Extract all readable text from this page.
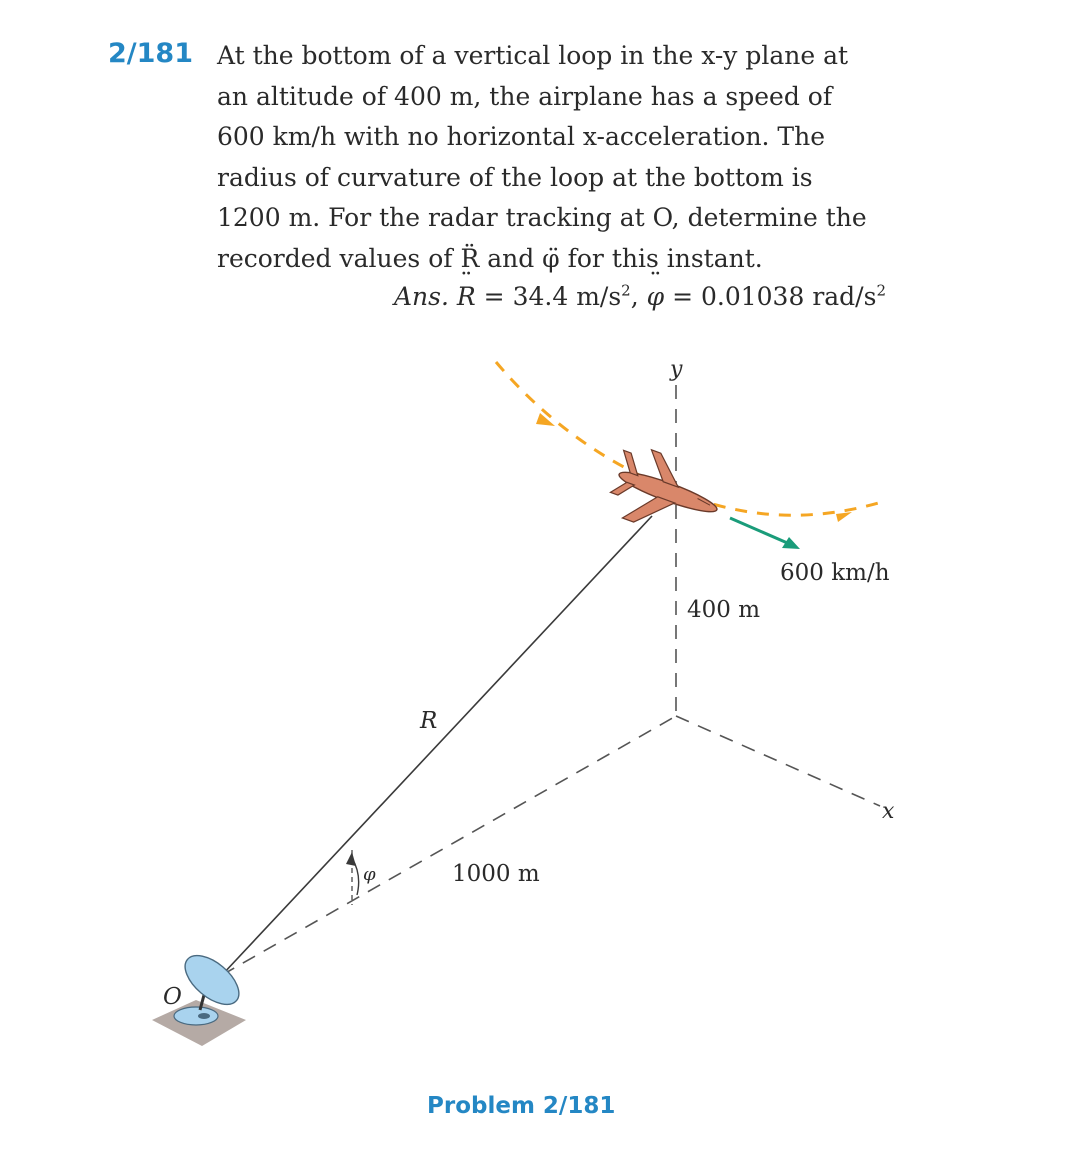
2/181 At the bottom of a vertical loop in the x-y plane at
an altitude of 400 m, the airplane has a speed of
600 km/h with no horizontal x-acceleration. The
radius of curvature of the loop at the bottom is
1200 m. For the radar tracking at O, determine the
recorded values of R̈ and φ̈ for this instant.
Ans. ¨ R = 34.4 $m/s^2$, ¨ φ = 0.01038 rad/$s^2$
y
x
600 km/h
400 m
R
φ	1000 m
O
Problem 2/181
